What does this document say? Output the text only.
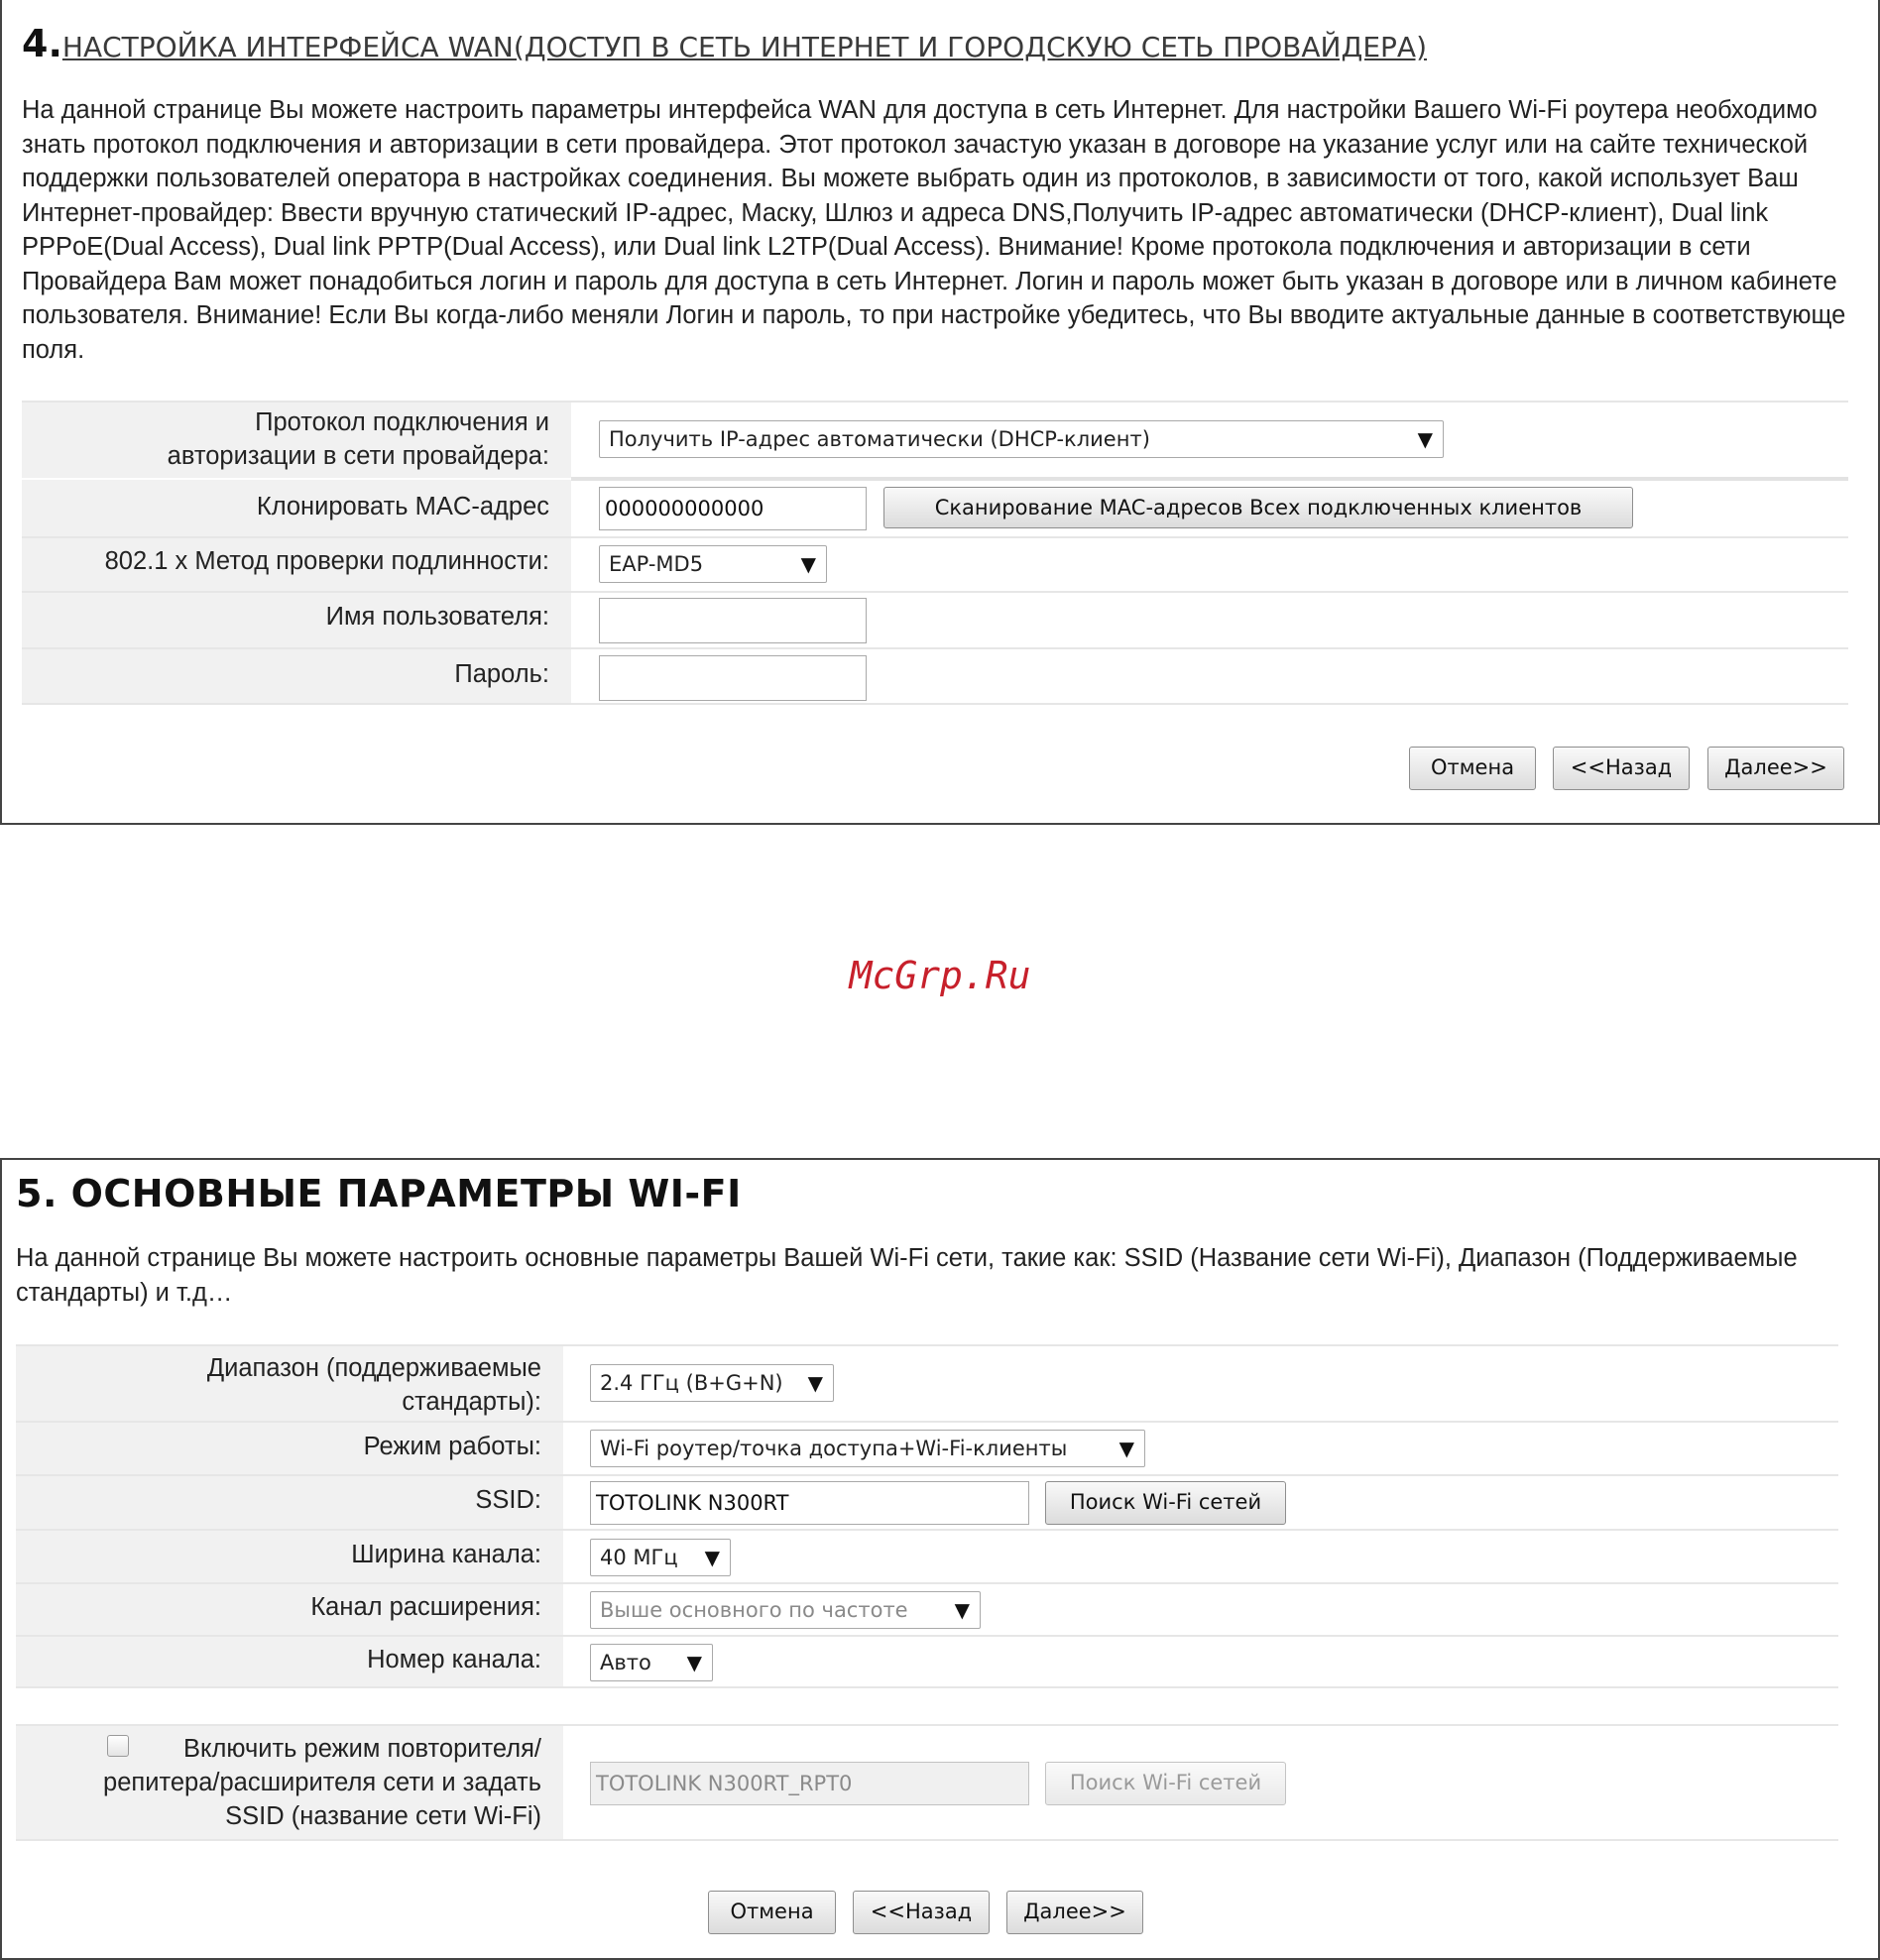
4.НАСТРОЙКА ИНТЕРФЕЙСА WAN(ДОСТУП В СЕТЬ ИНТЕРНЕТ И ГОРОДСКУЮ СЕТЬ ПРОВАЙДЕРА)

На данной странице Вы можете настроить параметры интерфейса WAN для доступа в сеть Интернет. Для настройки Вашего Wi-Fi роутера необходимо знать протокол подключения и авторизации в сети провайдера. Этот протокол зачастую указан в договоре на указание услуг или на сайте технической поддержки пользователей оператора в настройках соединения. Вы можете выбрать один из протоколов, в зависимости от того, какой использует Ваш Интернет-провайдер: Ввести вручную статический IP-адрес, Маску, Шлюз и адреса DNS,Получить IP-адрес автоматически (DHCP-клиент), Dual link PPPoE(Dual Access), Dual link PPTP(Dual Access), или Dual link L2TP(Dual Access). Внимание! Кроме протокола подключения и авторизации в сети Провайдера Вам может понадобиться логин и пароль для доступа в сеть Интернет. Логин и пароль может быть указан в договоре или в личном кабинете пользователя. Внимание! Если Вы когда-либо меняли Логин и пароль, то при настройке убедитесь, что Вы вводите актуальные данные в соответствующе поля.

Протокол подключения и
авторизации в сети провайдера:
Получить IP-адрес автоматически (DHCP-клиент)	▼
Клонировать MAC-адрес	000000000000	Сканирование MAC-адресов Всех подключенных клиентов
802.1 x Метод проверки подлинности:	EAP-MD5	▼
Имя пользователя:
Пароль:
Отмена	<<Назад	Далее>>
McGrp.Ru
5. ОСНОВНЫЕ ПАРАМЕТРЫ WI-FI

На данной странице Вы можете настроить основные параметры Вашей Wi-Fi сети, такие как: SSID (Название сети Wi-Fi), Диапазон (Поддерживаемые стандарты) и т.д…

Диапазон (поддерживаемые
стандарты):
2.4 ГГц (B+G+N) ▼
Режим работы:	Wi-Fi роутер/точка доступа+Wi-Fi-клиенты	▼
SSID:	TOTOLINK N300RT	Поиск Wi-Fi сетей
Ширина канала:	40 МГц ▼
Канал расширения:	Выше основного по частоте ▼
Номер канала:	Авто ▼
Включить режим повторителя/
репитера/расширителя сети и задать
SSID (название сети Wi-Fi)
TOTOLINK N300RT_RPT0	Поиск Wi-Fi сетей
Отмена	<<Назад	Далее>>
